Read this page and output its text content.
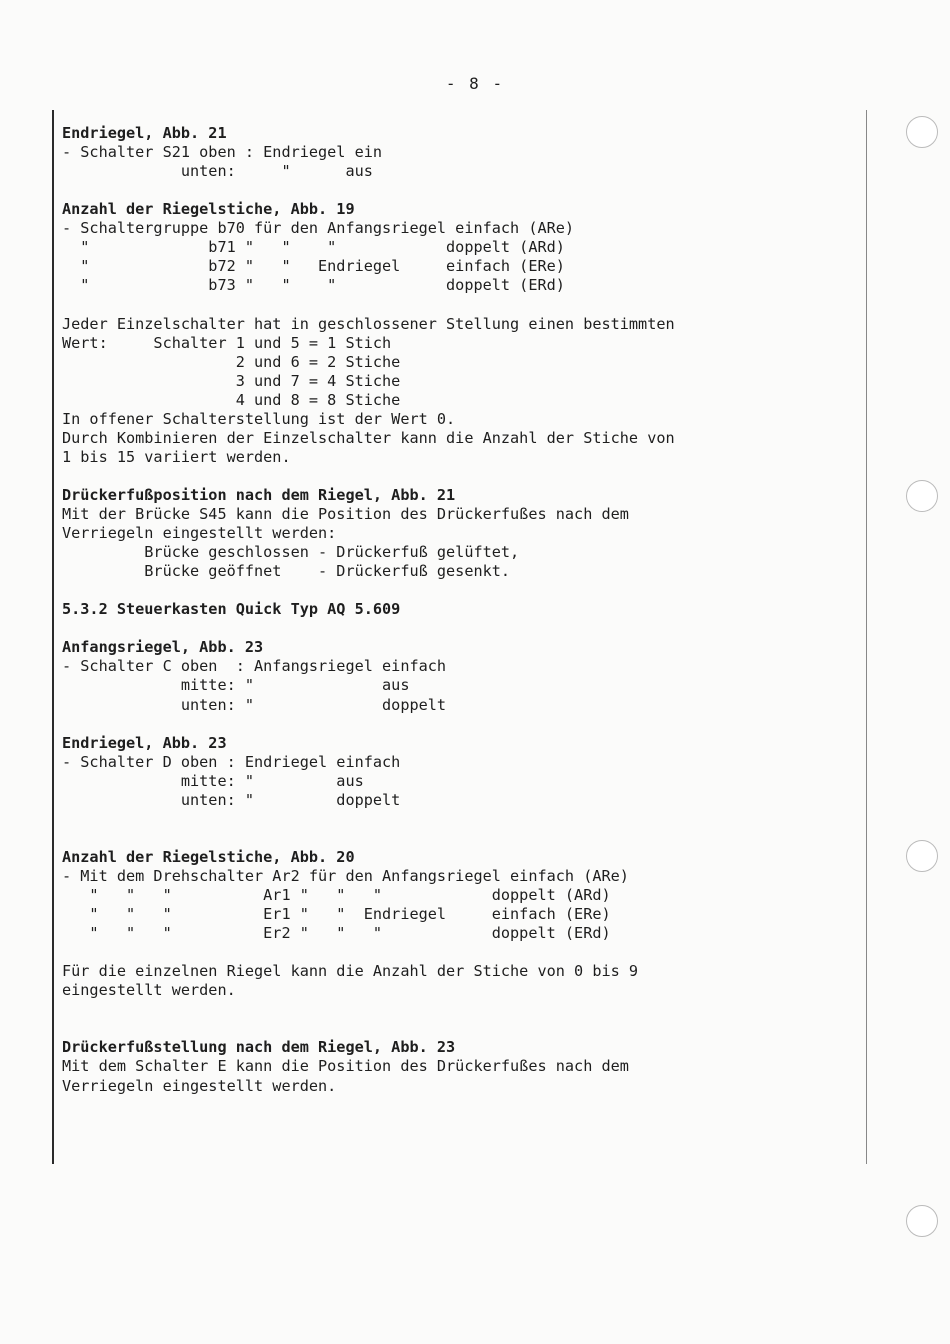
- 8 -
Endriegel, Abb. 21
- Schalter S21 oben : Endriegel ein
unten:     "      aus
Anzahl der Riegelstiche, Abb. 19
- Schaltergruppe b70 für den Anfangsriegel einfach (ARe)
"             b71 "   "    "            doppelt (ARd)
"             b72 "   "   Endriegel     einfach (ERe)
"             b73 "   "    "            doppelt (ERd)
Jeder Einzelschalter hat in geschlossener Stellung einen bestimmten
Wert:     Schalter 1 und 5 = 1 Stich
2 und 6 = 2 Stiche
3 und 7 = 4 Stiche
4 und 8 = 8 Stiche
In offener Schalterstellung ist der Wert 0.
Durch Kombinieren der Einzelschalter kann die Anzahl der Stiche von
1 bis 15 variiert werden.
Drückerfußposition nach dem Riegel, Abb. 21
Mit der Brücke S45 kann die Position des Drückerfußes nach dem
Verriegeln eingestellt werden:
Brücke geschlossen - Drückerfuß gelüftet,
Brücke geöffnet    - Drückerfuß gesenkt.
5.3.2 Steuerkasten Quick Typ AQ 5.609
Anfangsriegel, Abb. 23
- Schalter C oben  : Anfangsriegel einfach
mitte: "              aus
unten: "              doppelt
Endriegel, Abb. 23
- Schalter D oben : Endriegel einfach
mitte: "         aus
unten: "         doppelt
Anzahl der Riegelstiche, Abb. 20
- Mit dem Drehschalter Ar2 für den Anfangsriegel einfach (ARe)
"   "   "          Ar1 "   "   "            doppelt (ARd)
"   "   "          Er1 "   "  Endriegel     einfach (ERe)
"   "   "          Er2 "   "   "            doppelt (ERd)
Für die einzelnen Riegel kann die Anzahl der Stiche von 0 bis 9
eingestellt werden.
Drückerfußstellung nach dem Riegel, Abb. 23
Mit dem Schalter E kann die Position des Drückerfußes nach dem
Verriegeln eingestellt werden.
